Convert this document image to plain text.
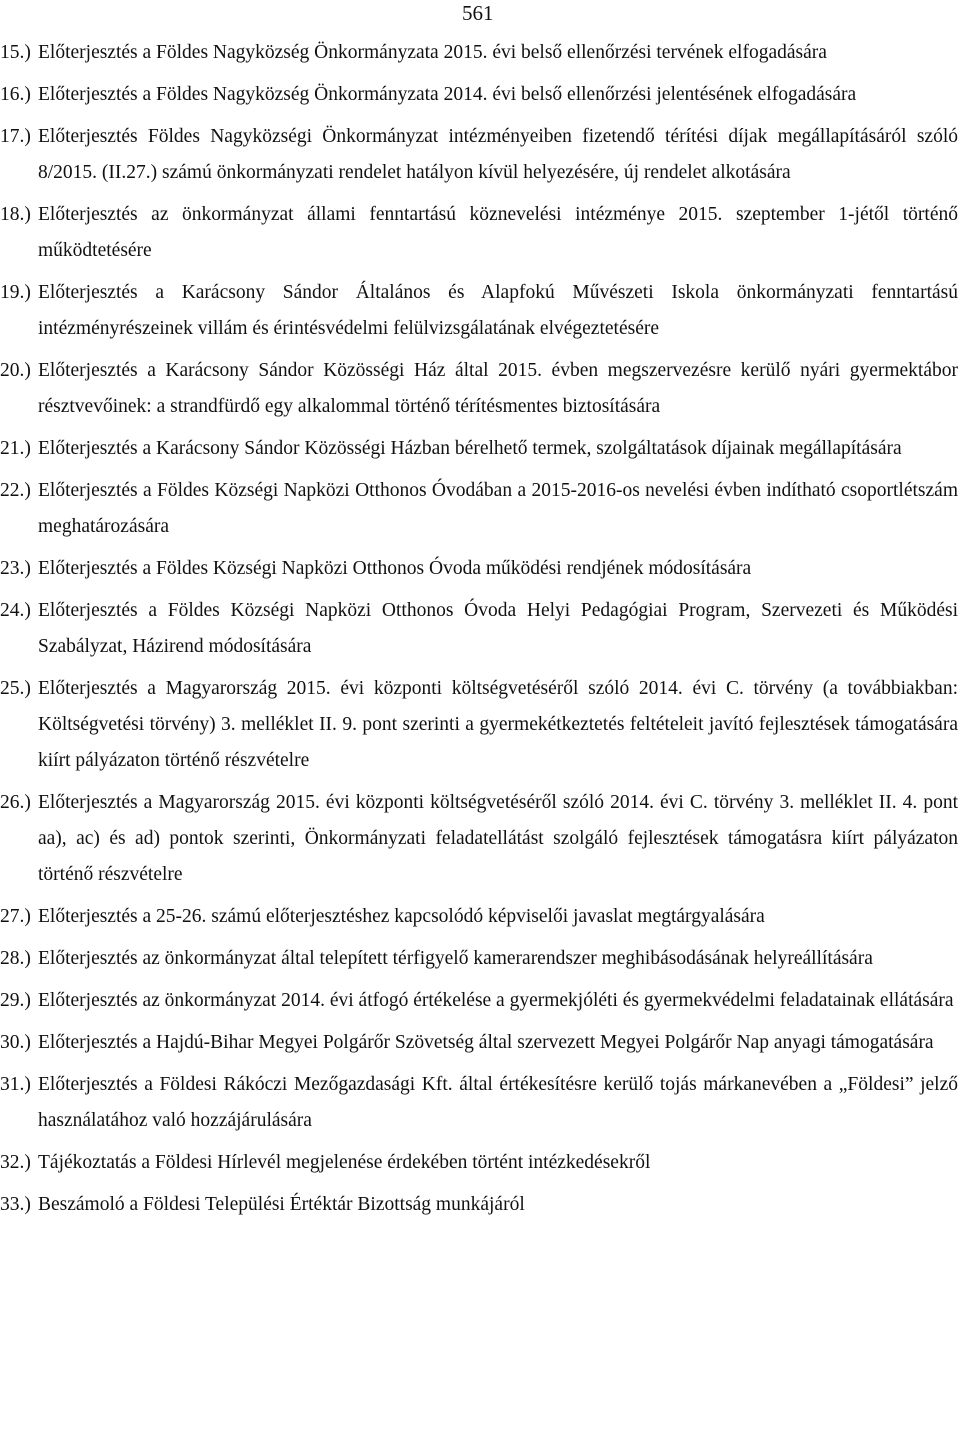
561
15.) Előterjesztés a Földes Nagyközség Önkormányzata 2015. évi belső ellenőrzési tervének elfogadására
16.) Előterjesztés a Földes Nagyközség Önkormányzata 2014. évi belső ellenőrzési jelentésének elfogadására
17.) Előterjesztés Földes Nagyközségi Önkormányzat intézményeiben fizetendő térítési díjak megállapításáról szóló 8/2015. (II.27.) számú önkormányzati rendelet hatályon kívül helyezésére, új rendelet alkotására
18.) Előterjesztés az önkormányzat állami fenntartású köznevelési intézménye 2015. szeptember 1-jétől történő működtetésére
19.) Előterjesztés a Karácsony Sándor Általános és Alapfokú Művészeti Iskola önkormányzati fenntartású intézményrészeinek villám és érintésvédelmi felülvizsgálatának elvégeztetésére
20.) Előterjesztés a Karácsony Sándor Közösségi Ház által 2015. évben megszervezésre kerülő nyári gyermektábor résztvevőinek: a strandfürdő egy alkalommal történő térítésmentes biztosítására
21.) Előterjesztés a Karácsony Sándor Közösségi Házban bérelhető termek, szolgáltatások díjainak megállapítására
22.) Előterjesztés a Földes Községi Napközi Otthonos Óvodában a 2015-2016-os nevelési évben indítható csoportlétszám meghatározására
23.) Előterjesztés a Földes Községi Napközi Otthonos Óvoda működési rendjének módosítására
24.) Előterjesztés a Földes Községi Napközi Otthonos Óvoda Helyi Pedagógiai Program, Szervezeti és Működési Szabályzat, Házirend módosítására
25.) Előterjesztés a Magyarország 2015. évi központi költségvetéséről szóló 2014. évi C. törvény (a továbbiakban: Költségvetési törvény) 3. melléklet II. 9. pont szerinti a gyermekétkeztetés feltételeit javító fejlesztések támogatására kiírt pályázaton történő részvételre
26.) Előterjesztés a Magyarország 2015. évi központi költségvetéséről szóló 2014. évi C. törvény 3. melléklet II. 4. pont aa), ac) és ad) pontok szerinti, Önkormányzati feladatellátást szolgáló fejlesztések támogatásra kiírt pályázaton történő részvételre
27.) Előterjesztés a 25-26. számú előterjesztéshez kapcsolódó képviselői javaslat megtárgyalására
28.) Előterjesztés az önkormányzat által telepített térfigyelő kamerarendszer meghibásodásának helyreállítására
29.) Előterjesztés az önkormányzat 2014. évi átfogó értékelése a gyermekjóléti és gyermekvédelmi feladatainak ellátására
30.) Előterjesztés a Hajdú-Bihar Megyei Polgárőr Szövetség által szervezett Megyei Polgárőr Nap anyagi támogatására
31.) Előterjesztés a Földesi Rákóczi Mezőgazdasági Kft. által értékesítésre kerülő tojás márkanevében a „Földesi” jelző használatához való hozzájárulására
32.) Tájékoztatás a Földesi Hírlevél megjelenése érdekében történt intézkedésekről
33.) Beszámoló a Földesi Települési Értéktár Bizottság munkájáról
